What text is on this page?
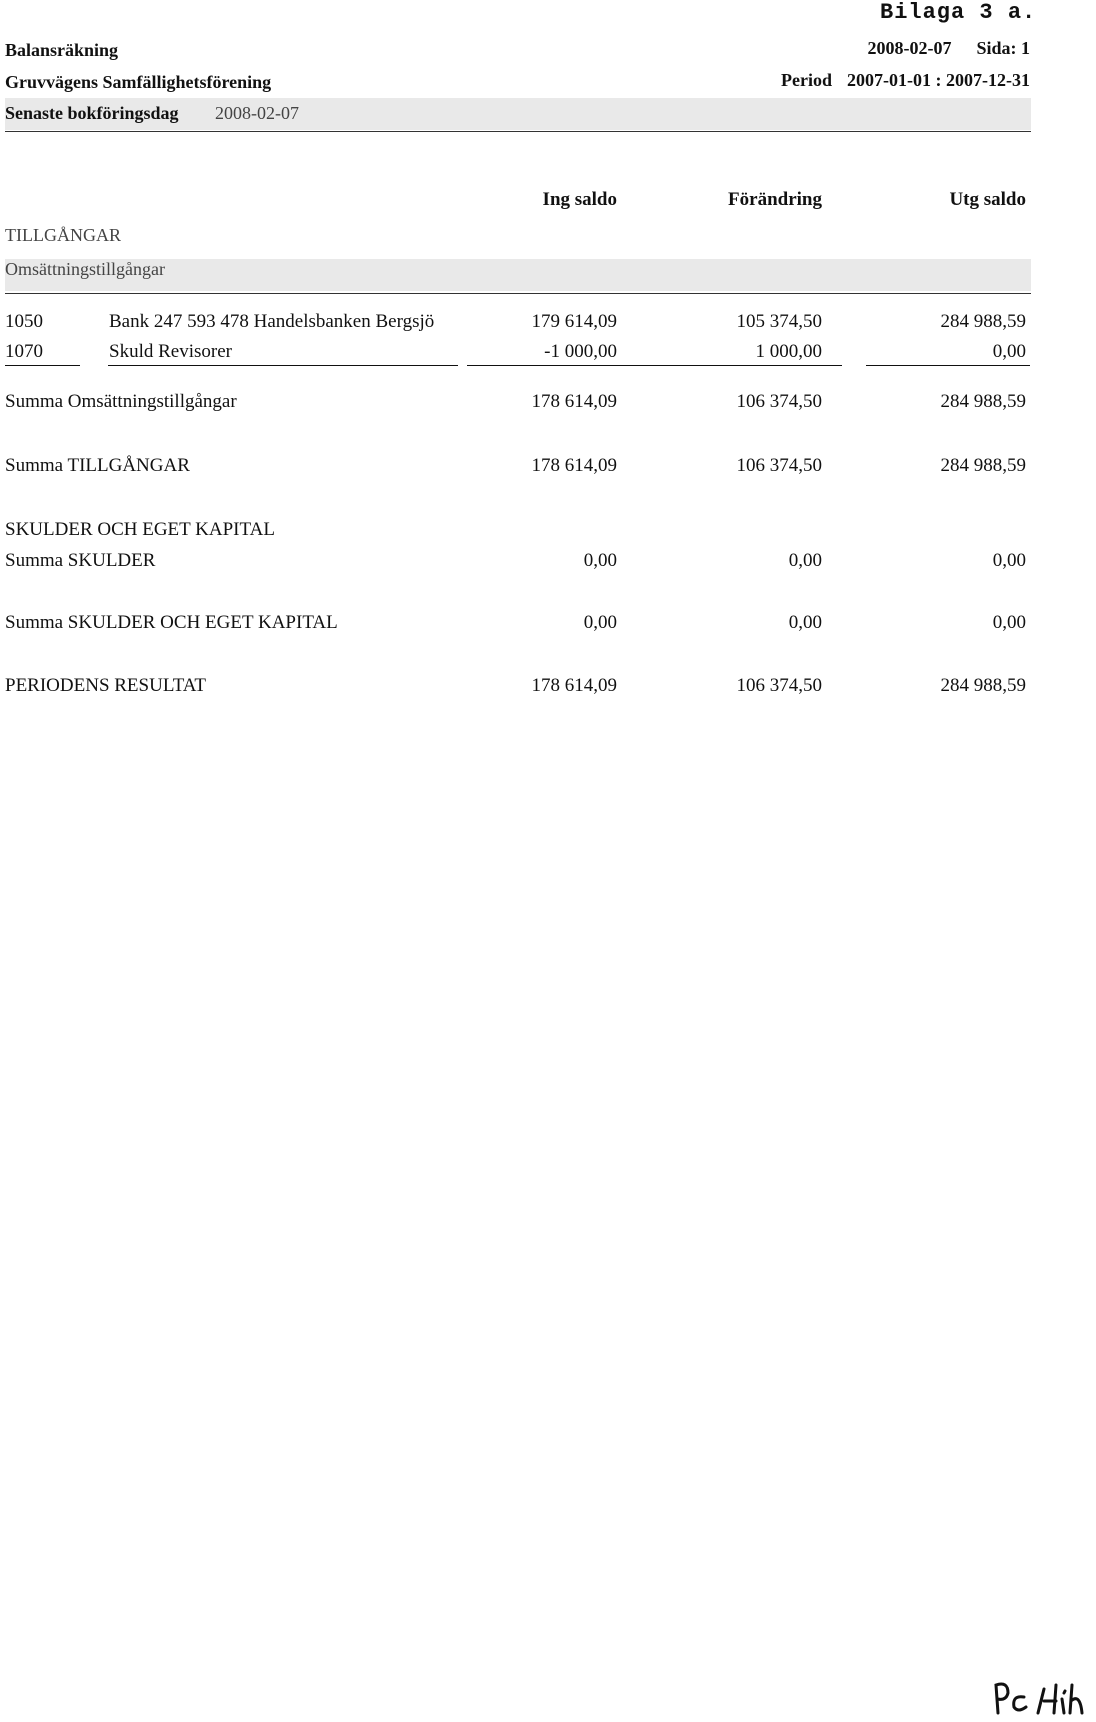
Bilaga 3 a.
Balansräkning
Gruvvägens Samfällighetsförening
Senaste bokföringsdag 2008-02-07
2008-02-07 Sida: 1
Period 2007-01-01 : 2007-12-31
Ing saldo	Förändring	Utg saldo
TILLGÅNGAR
Omsättningstillgångar
1050	Bank 247 593 478 Handelsbanken Bergsjö	179 614,09	105 374,50	284 988,59
1070	Skuld Revisorer	-1 000,00	1 000,00	0,00
Summa Omsättningstillgångar	178 614,09	106 374,50	284 988,59
Summa TILLGÅNGAR	178 614,09	106 374,50	284 988,59
SKULDER OCH EGET KAPITAL
Summa SKULDER	0,00	0,00	0,00
Summa SKULDER OCH EGET KAPITAL	0,00	0,00	0,00
PERIODENS RESULTAT	178 614,09	106 374,50	284 988,59
